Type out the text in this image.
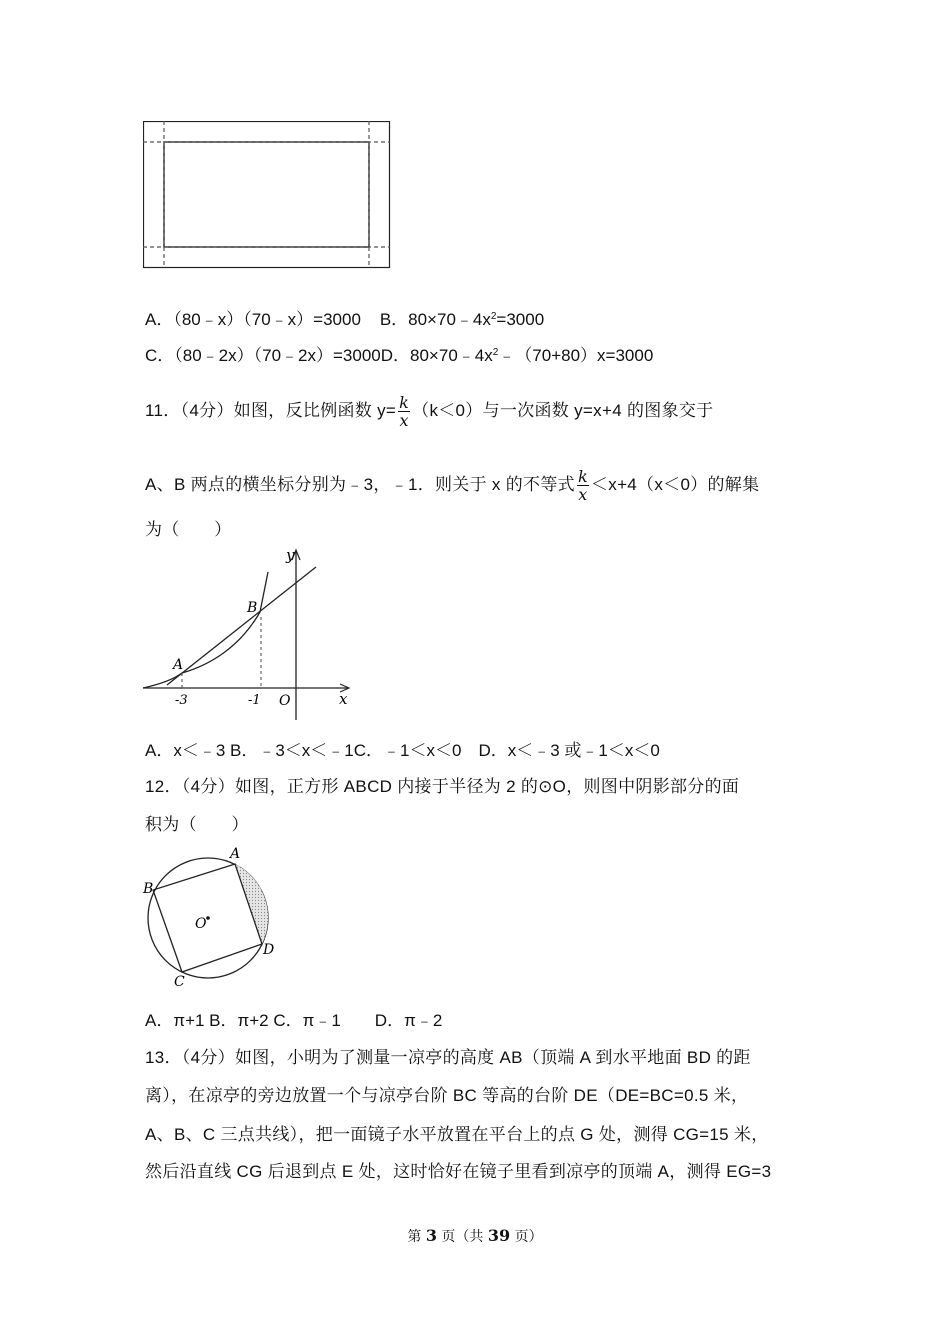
A．（80﹣x）（70﹣x）=3000 B．$80\times 70﹣4x^2=3000$
C．（80﹣2x）（70﹣2x）=3000D．$80\times 70﹣4x^2﹣(70+80)x=3000$
11．（4分）如图，反比例函数 $y= \frac{k}{x} (k<0)$与一次函数 y=x+4 的图象交于
A、B 两点的横坐标分别为﹣3，﹣1．则关于 x 的不等式 $\frac{k}{x} <x+4(x<0)$的解集
为（　　）
y
x
O
A
B
-3	-1
A．x＜﹣3 B．﹣3＜x＜﹣1C．﹣1＜x＜0　D．x＜﹣3 或﹣1＜x＜0
12．（4分）如图，正方形 ABCD 内接于半径为 2 的⊙O，则图中阴影部分的面
积为（　　）
A
B
C
D
O
A．π+1 B．π+2 C．π﹣1　　D．π﹣2
13．（4分）如图，小明为了测量一凉亭的高度 AB（顶端 A 到水平地面 BD 的距
离），在凉亭的旁边放置一个与凉亭台阶 BC 等高的台阶 DE（DE=BC=0.5 米，
A、B、C 三点共线），把一面镜子水平放置在平台上的点 G 处，测得 CG=15 米，
然后沿直线 CG 后退到点 E 处，这时恰好在镜子里看到凉亭的顶端 A，测得 EG=3
第 3 页（共 39 页）
